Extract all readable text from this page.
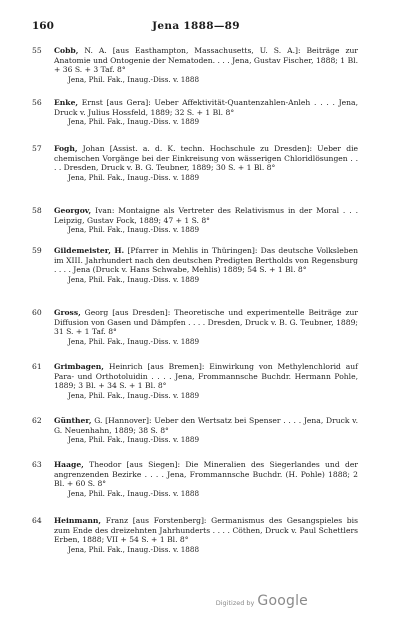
160	Jena 1888—89
55 Cobb, N. A. [aus Easthampton, Massachusetts, U. S. A.]: Beiträge zur Anatomie und Ontogenie der Nematoden. . . . Jena, Gustav Fischer, 1888; 1 Bl. + 36 S. + 3 Taf. 8°
Jena, Phil. Fak., Inaug.-Diss. v. 1888
56 Enke, Ernst [aus Gera]: Ueber Affektivität-Quantenzahlen-Anleh . . . . Jena, Druck v. Julius Hossfeld, 1889; 32 S. + 1 Bl. 8°
Jena, Phil. Fak., Inaug.-Diss. v. 1889
57 Fogh, Johan [Assist. a. d. K. techn. Hochschule zu Dresden]: Ueber die chemischen Vorgänge bei der Einkreisung von wässerigen Chloridlösungen . . . . Dresden, Druck v. B. G. Teubner, 1889; 30 S. + 1 Bl. 8°
Jena, Phil. Fak., Inaug.-Diss. v. 1889
58 Georgov, Ivan: Montaigne als Vertreter des Relativismus in der Moral . . . Leipzig, Gustav Fock, 1889; 47 + 1 S. 8°
Jena, Phil. Fak., Inaug.-Diss. v. 1889
59 Gildemeister, H. [Pfarrer in Mehlis in Thüringen]: Das deutsche Volksleben im XIII. Jahrhundert nach den deutschen Predigten Bertholds von Regensburg . . . . Jena (Druck v. Hans Schwabe, Mehlis) 1889; 54 S. + 1 Bl. 8°
Jena, Phil. Fak., Inaug.-Diss. v. 1889
60 Gross, Georg [aus Dresden]: Theoretische und experimentelle Beiträge zur Diffusion von Gasen und Dämpfen . . . . Dresden, Druck v. B. G. Teubner, 1889; 31 S. + 1 Taf. 8°
Jena, Phil. Fak., Inaug.-Diss. v. 1889
61 Grimbagen, Heinrich [aus Bremen]: Einwirkung von Methylenchlorid auf Para- und Orthotoluidin . . . . Jena, Frommannsche Buchdr. Hermann Pohle, 1889; 3 Bl. + 34 S. + 1 Bl. 8°
Jena, Phil. Fak., Inaug.-Diss. v. 1889
62 Günther, G. [Hannover]: Ueber den Wertsatz bei Spenser . . . . Jena, Druck v. G. Neuenhahn, 1889; 38 S. 8°
Jena, Phil. Fak., Inaug.-Diss. v. 1889
63 Haage, Theodor [aus Siegen]: Die Mineralien des Siegerlandes und der angrenzenden Bezirke . . . . Jena, Frommannsche Buchdr. (H. Pohle) 1888; 2 Bl. + 60 S. 8°
Jena, Phil. Fak., Inaug.-Diss. v. 1888
64 Heinmann, Franz [aus Forstenberg]: Germanismus des Gesangspieles bis zum Ende des dreizehnten Jahrhunderts . . . . Cöthen, Druck v. Paul Schettlers Erben, 1888; VII + 54 S. + 1 Bl. 8°
Jena, Phil. Fak., Inaug.-Diss. v. 1888
Digitized by Google
